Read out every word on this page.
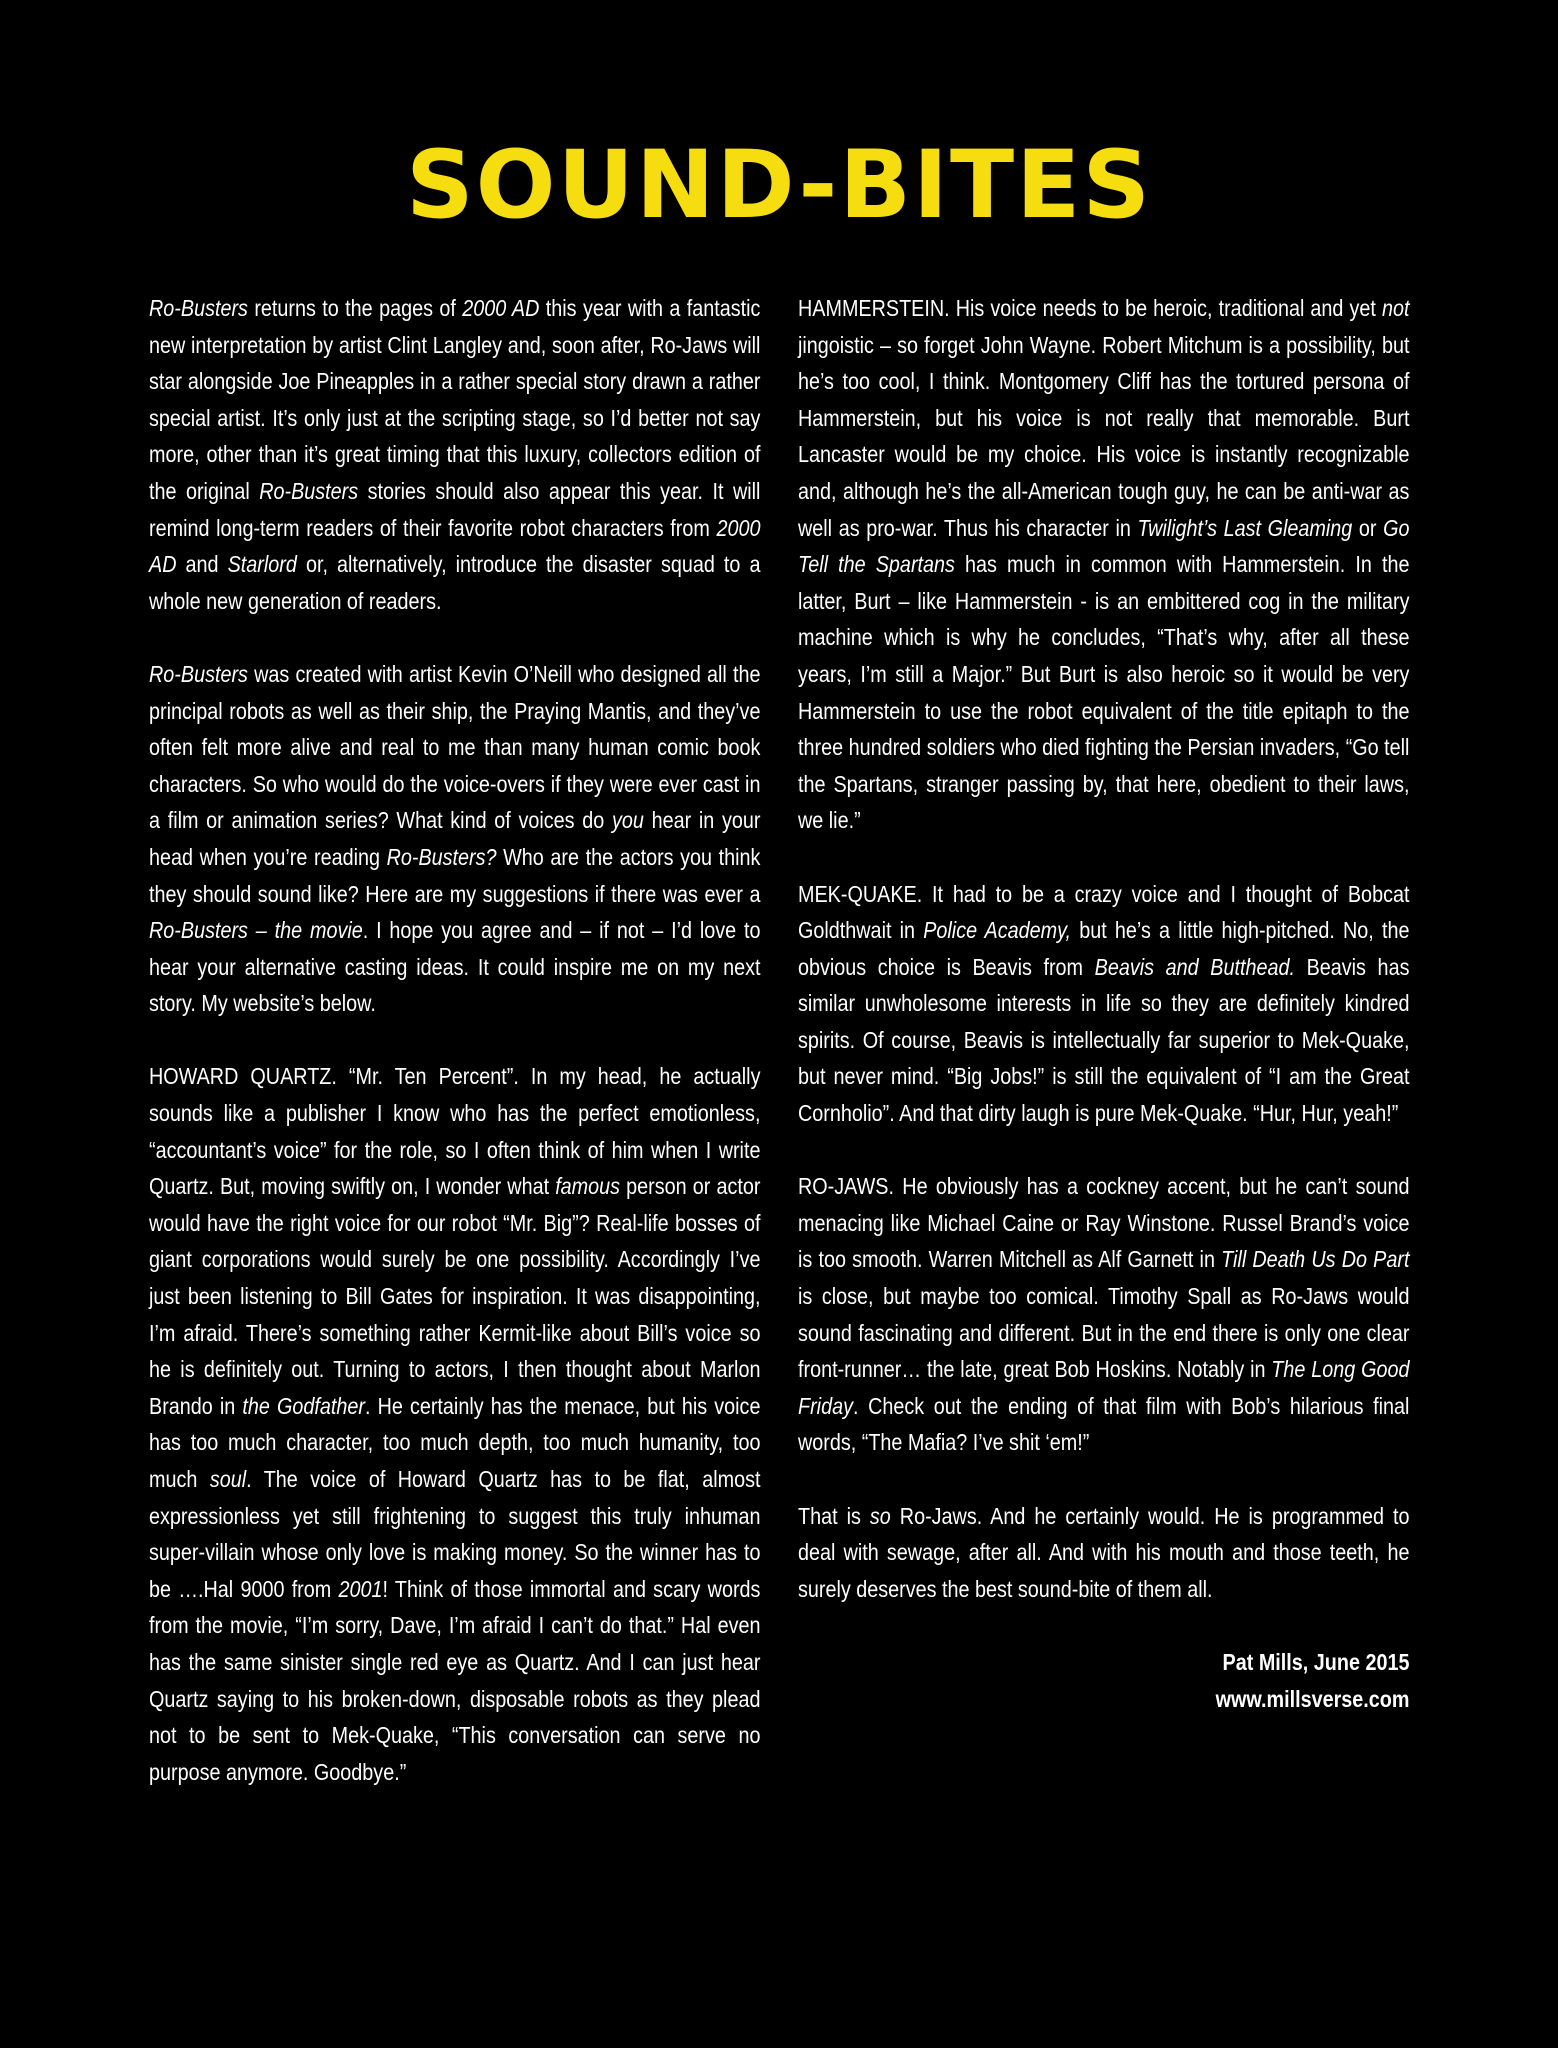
SOUND-BITES

Ro-Busters returns to the pages of 2000 AD this year with a fantastic new interpretation by artist Clint Langley and, soon after, Ro-Jaws will star alongside Joe Pineapples in a rather special story drawn a rather special artist. It’s only just at the scripting stage, so I’d better not say more, other than it’s great timing that this luxury, collectors edition of the original Ro-Busters stories should also appear this year. It will remind long-term readers of their favorite robot characters from 2000 AD and Starlord or, alternatively, introduce the disaster squad to a whole new generation of readers.

Ro-Busters was created with artist Kevin O’Neill who designed all the principal robots as well as their ship, the Praying Mantis, and they’ve often felt more alive and real to me than many human comic book characters. So who would do the voice-overs if they were ever cast in a film or animation series? What kind of voices do you hear in your head when you’re reading Ro-Busters? Who are the actors you think they should sound like? Here are my suggestions if there was ever a Ro-Busters – the movie. I hope you agree and – if not – I’d love to hear your alternative casting ideas. It could inspire me on my next story. My website’s below.

HOWARD QUARTZ. “Mr. Ten Percent”. In my head, he actually sounds like a publisher I know who has the perfect emotionless, “accountant’s voice” for the role, so I often think of him when I write Quartz. But, moving swiftly on, I wonder what famous person or actor would have the right voice for our robot “Mr. Big”? Real-life bosses of giant corporations would surely be one possibility. Accordingly I’ve just been listening to Bill Gates for inspiration. It was disappointing, I’m afraid. There’s something rather Kermit-like about Bill’s voice so he is definitely out. Turning to actors, I then thought about Marlon Brando in the Godfather. He certainly has the menace, but his voice has too much character, too much depth, too much humanity, too much soul. The voice of Howard Quartz has to be flat, almost expressionless yet still frightening to suggest this truly inhuman super-villain whose only love is making money. So the winner has to be ….Hal 9000 from 2001! Think of those immortal and scary words from the movie, “I’m sorry, Dave, I’m afraid I can’t do that.” Hal even has the same sinister single red eye as Quartz. And I can just hear Quartz saying to his broken-down, disposable robots as they plead not to be sent to Mek-Quake, “This conversation can serve no purpose anymore. Goodbye.”

HAMMERSTEIN. His voice needs to be heroic, traditional and yet not jingoistic – so forget John Wayne. Robert Mitchum is a possibility, but he’s too cool, I think. Montgomery Cliff has the tortured persona of Hammerstein, but his voice is not really that memorable. Burt Lancaster would be my choice. His voice is instantly recognizable and, although he’s the all-American tough guy, he can be anti-war as well as pro-war. Thus his character in Twilight’s Last Gleaming or Go Tell the Spartans has much in common with Hammerstein. In the latter, Burt – like Hammerstein - is an embittered cog in the military machine which is why he concludes, “That’s why, after all these years, I’m still a Major.” But Burt is also heroic so it would be very Hammerstein to use the robot equivalent of the title epitaph to the three hundred soldiers who died fighting the Persian invaders, “Go tell the Spartans, stranger passing by, that here, obedient to their laws, we lie.”

MEK-QUAKE. It had to be a crazy voice and I thought of Bobcat Goldthwait in Police Academy, but he’s a little high-pitched. No, the obvious choice is Beavis from Beavis and Butthead. Beavis has similar unwholesome interests in life so they are definitely kindred spirits. Of course, Beavis is intellectually far superior to Mek-Quake, but never mind. “Big Jobs!” is still the equivalent of “I am the Great Cornholio”. And that dirty laugh is pure Mek-Quake. “Hur, Hur, yeah!”

RO-JAWS. He obviously has a cockney accent, but he can’t sound menacing like Michael Caine or Ray Winstone. Russel Brand’s voice is too smooth. Warren Mitchell as Alf Garnett in Till Death Us Do Part is close, but maybe too comical. Timothy Spall as Ro-Jaws would sound fascinating and different. But in the end there is only one clear front-runner… the late, great Bob Hoskins. Notably in The Long Good Friday. Check out the ending of that film with Bob’s hilarious final words, “The Mafia? I’ve shit ‘em!”

That is so Ro-Jaws. And he certainly would. He is programmed to deal with sewage, after all. And with his mouth and those teeth, he surely deserves the best sound-bite of them all.

Pat Mills, June 2015
www.millsverse.com
